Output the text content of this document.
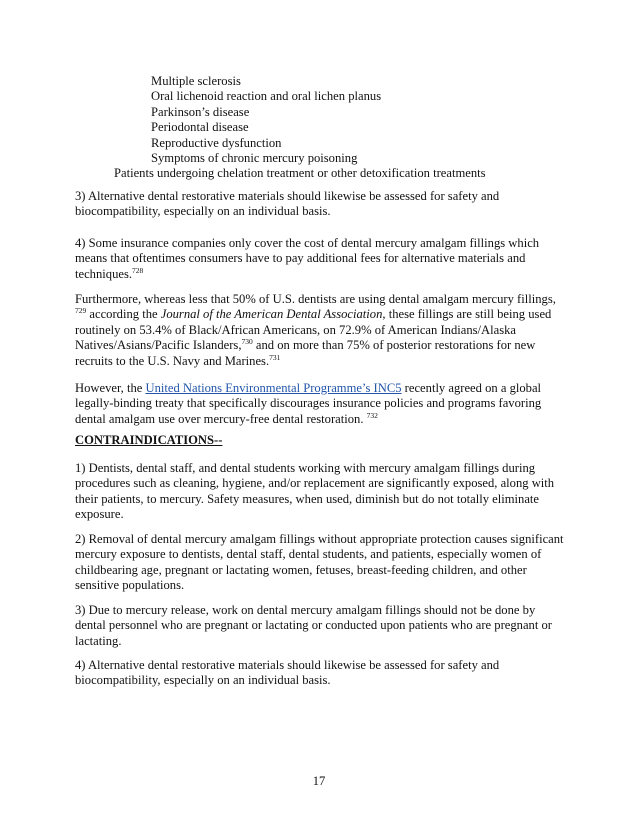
Multiple sclerosis
Oral lichenoid reaction and oral lichen planus
Parkinson’s disease
Periodontal disease
Reproductive dysfunction
Symptoms of chronic mercury poisoning
Patients undergoing chelation treatment or other detoxification treatments

3) Alternative dental restorative materials should likewise be assessed for safety and
biocompatibility, especially on an individual basis.

4) Some insurance companies only cover the cost of dental mercury amalgam fillings which
means that oftentimes consumers have to pay additional fees for alternative materials and
techniques.$^{728}$

Furthermore, whereas less that 50% of U.S. dentists are using dental amalgam mercury fillings,
$^{729}$ according the Journal of the American Dental Association, these fillings are still being used
routinely on 53.4% of Black/African Americans, on 72.9% of American Indians/Alaska
Natives/Asians/Pacific Islanders,$^{730}$ and on more than 75% of posterior restorations for new
recruits to the U.S. Navy and Marines.$^{731}$

However, the United Nations Environmental Programme’s INC5 recently agreed on a global
legally-binding treaty that specifically discourages insurance policies and programs favoring
dental amalgam use over mercury-free dental restoration. $^{732}$

CONTRAINDICATIONS--

1) Dentists, dental staff, and dental students working with mercury amalgam fillings during
procedures such as cleaning, hygiene, and/or replacement are significantly exposed, along with
their patients, to mercury. Safety measures, when used, diminish but do not totally eliminate
exposure.

2) Removal of dental mercury amalgam fillings without appropriate protection causes significant
mercury exposure to dentists, dental staff, dental students, and patients, especially women of
childbearing age, pregnant or lactating women, fetuses, breast-feeding children, and other
sensitive populations.

3) Due to mercury release, work on dental mercury amalgam fillings should not be done by
dental personnel who are pregnant or lactating or conducted upon patients who are pregnant or
lactating.

4) Alternative dental restorative materials should likewise be assessed for safety and
biocompatibility, especially on an individual basis.

17
